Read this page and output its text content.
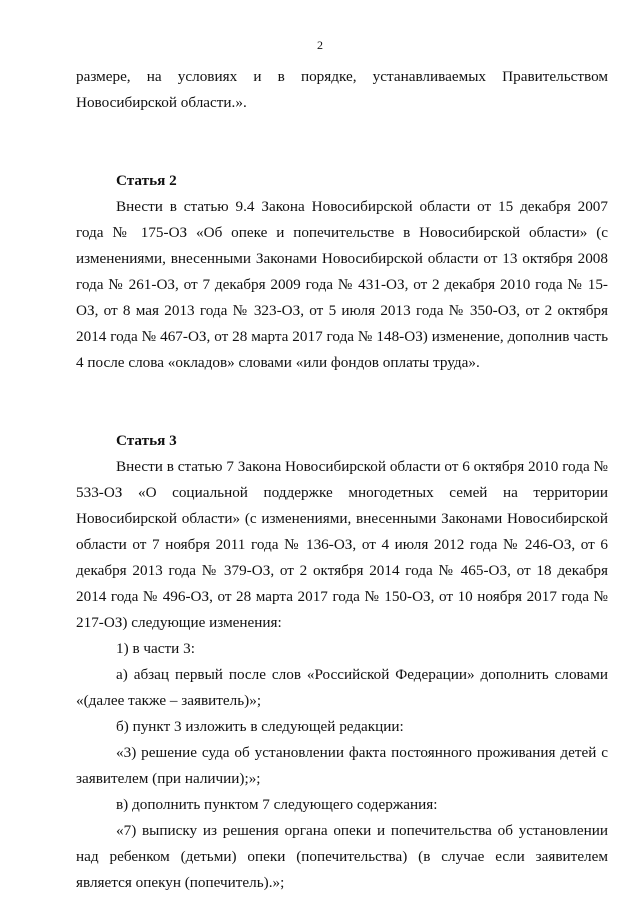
2

размере, на условиях и в порядке, устанавливаемых Правительством Новосибирской области.».

Статья 2

Внести в статью 9.4 Закона Новосибирской области от 15 декабря 2007 года № 175-ОЗ «Об опеке и попечительстве в Новосибирской области» (с изменениями, внесенными Законами Новосибирской области от 13 октября 2008 года № 261-ОЗ, от 7 декабря 2009 года № 431-ОЗ, от 2 декабря 2010 года № 15-ОЗ, от 8 мая 2013 года № 323-ОЗ, от 5 июля 2013 года № 350-ОЗ, от 2 октября 2014 года № 467-ОЗ, от 28 марта 2017 года № 148-ОЗ) изменение, дополнив часть 4 после слова «окладов» словами «или фондов оплаты труда».

Статья 3

Внести в статью 7 Закона Новосибирской области от 6 октября 2010 года № 533-ОЗ «О социальной поддержке многодетных семей на территории Новосибирской области» (с изменениями, внесенными Законами Новосибирской области от 7 ноября 2011 года № 136-ОЗ, от 4 июля 2012 года № 246-ОЗ, от 6 декабря 2013 года № 379-ОЗ, от 2 октября 2014 года № 465-ОЗ, от 18 декабря 2014 года № 496-ОЗ, от 28 марта 2017 года № 150-ОЗ, от 10 ноября 2017 года № 217-ОЗ) следующие изменения:

1) в части 3:

а) абзац первый после слов «Российской Федерации» дополнить словами «(далее также – заявитель)»;

б) пункт 3 изложить в следующей редакции:

«3) решение суда об установлении факта постоянного проживания детей с заявителем (при наличии);»;

в) дополнить пунктом 7 следующего содержания:

«7) выписку из решения органа опеки и попечительства об установлении над ребенком (детьми) опеки (попечительства) (в случае если заявителем является опекун (попечитель).»;
